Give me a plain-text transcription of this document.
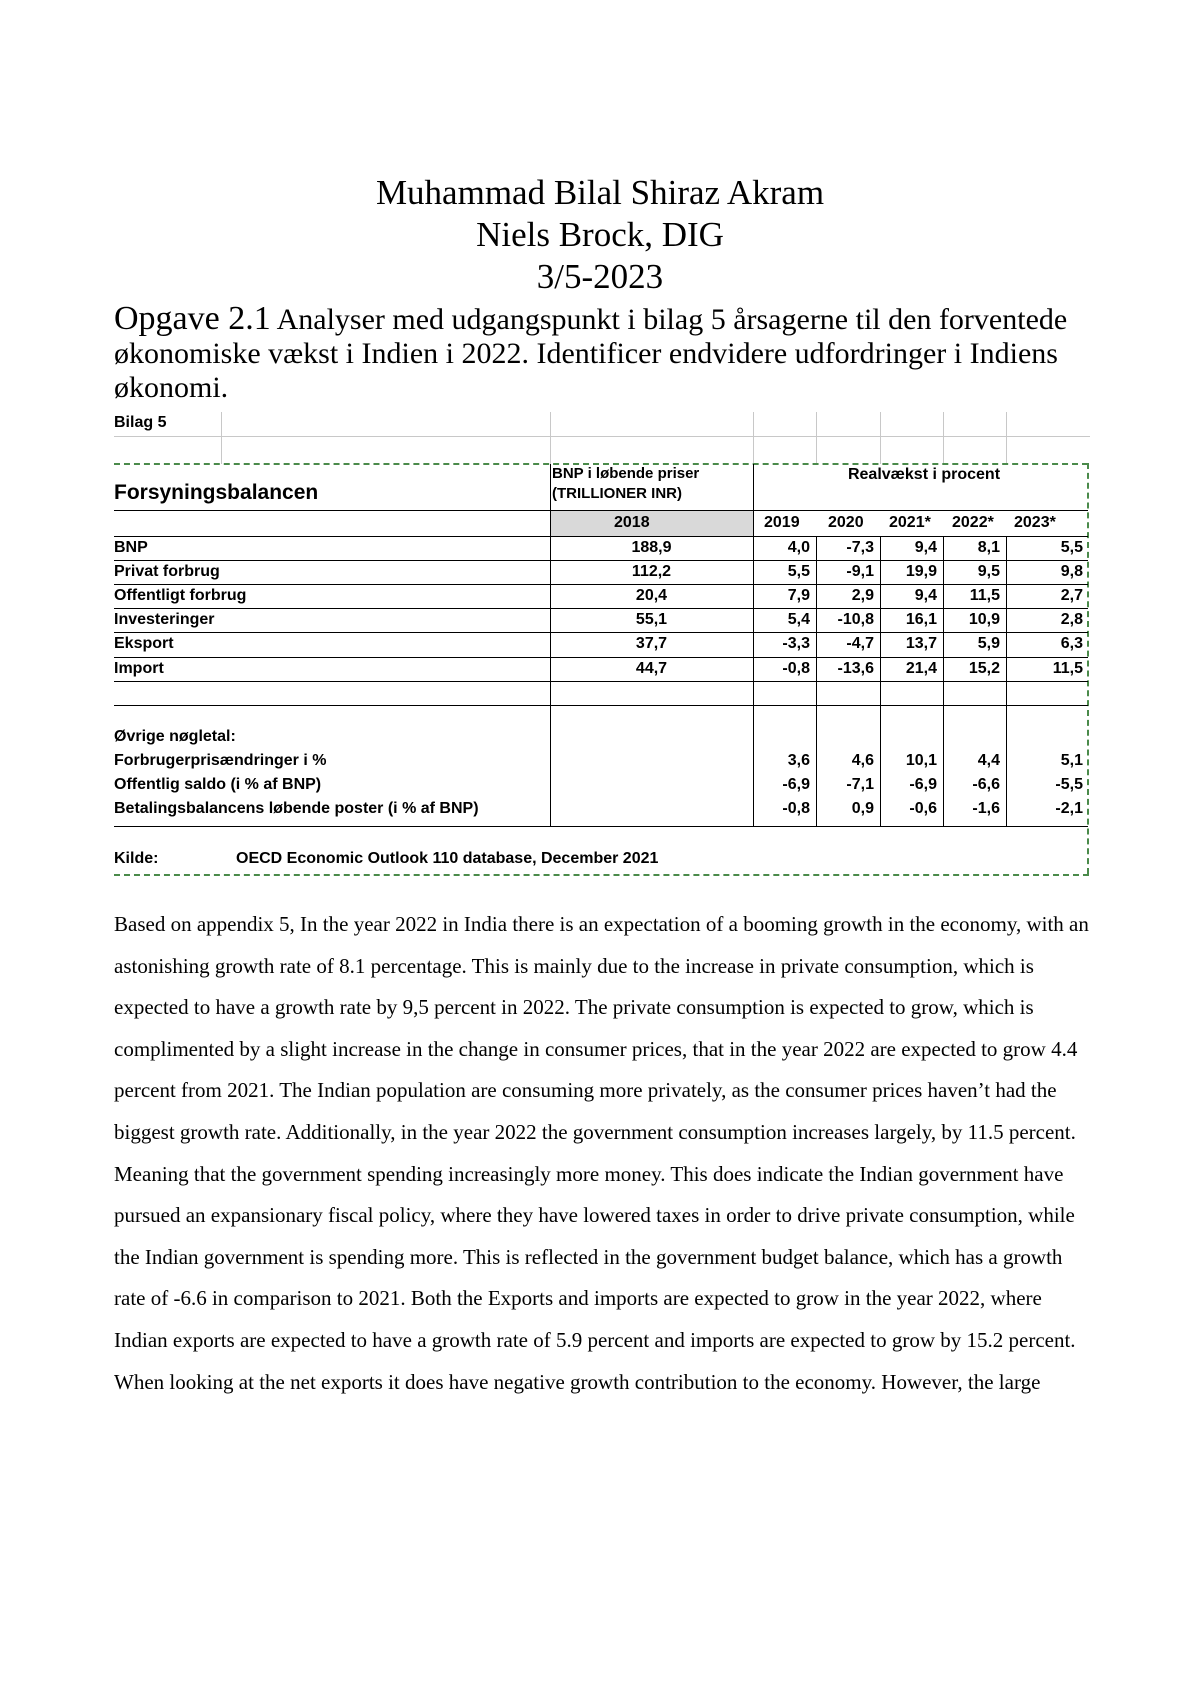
Muhammad Bilal Shiraz Akram
Niels Brock, DIG
3/5-2023
Opgave 2.1 Analyser med udgangspunkt i bilag 5 årsagerne til den forventede økonomiske vækst i Indien i 2022. Identificer endvidere udfordringer i Indiens økonomi.
Bilag 5
Forsyningsbalancen
BNP i løbende priser
(TRILLIONER INR)
Realvækst i procent
2018	2019 2020 2021* 2022* 2023*
BNP	188,9	4,0	-7,3	9,4	8,1	5,5
Privat forbrug	112,2	5,5	-9,1	19,9	9,5	9,8
Offentligt forbrug	20,4	7,9	2,9	9,4	11,5	2,7
Investeringer	55,1	5,4	-10,8	16,1	10,9	2,8
Eksport	37,7	-3,3	-4,7	13,7	5,9	6,3
Import	44,7	-0,8	-13,6	21,4	15,2	11,5
Øvrige nøgletal:
Forbrugerprisændringer i %	3,6	4,6	10,1	4,4	5,1
Offentlig saldo (i % af BNP)	-6,9	-7,1	-6,9	-6,6	-5,5
Betalingsbalancens løbende poster (i % af BNP)	-0,8	0,9	-0,6	-1,6	-2,1
Kilde:	OECD Economic Outlook 110 database, December 2021
Based on appendix 5, In the year 2022 in India there is an expectation of a booming growth in the economy, with an astonishing growth rate of 8.1 percentage. This is mainly due to the increase in private consumption, which is expected to have a growth rate by 9,5 percent in 2022. The private consumption is expected to grow, which is complimented by a slight increase in the change in consumer prices, that in the year 2022 are expected to grow 4.4 percent from 2021. The Indian population are consuming more privately, as the consumer prices haven’t had the biggest growth rate. Additionally, in the year 2022 the government consumption increases largely, by 11.5 percent. Meaning that the government spending increasingly more money. This does indicate the Indian government have pursued an expansionary fiscal policy, where they have lowered taxes in order to drive private consumption, while the Indian government is spending more. This is reflected in the government budget balance, which has a growth rate of -6.6 in comparison to 2021. Both the Exports and imports are expected to grow in the year 2022, where Indian exports are expected to have a growth rate of 5.9 percent and imports are expected to grow by 15.2 percent. When looking at the net exports it does have negative growth contribution to the economy. However, the large
